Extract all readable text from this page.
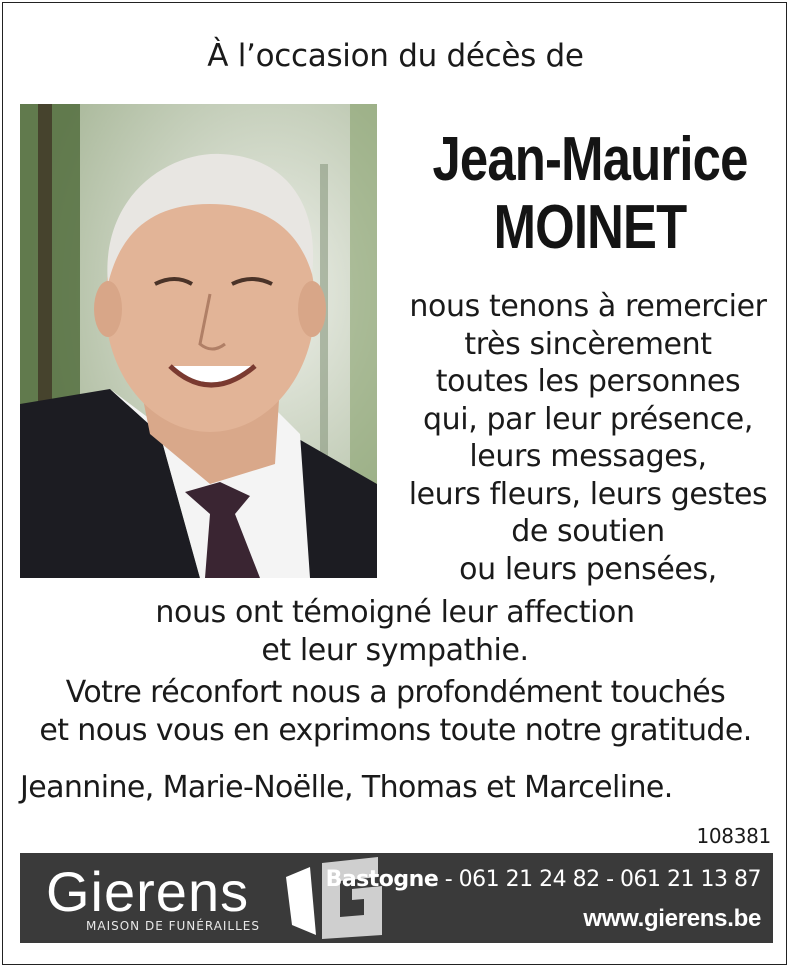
À l’occasion du décès de
Jean-Maurice
MOINET
nous tenons à remercier
très sincèrement
toutes les personnes
qui, par leur présence,
leurs messages,
leurs fleurs, leurs gestes
de soutien
ou leurs pensées,
nous ont témoigné leur affection
et leur sympathie.
Votre réconfort nous a profondément touchés
et nous vous en exprimons toute notre gratitude.
Jeannine, Marie-Noëlle, Thomas et Marceline.
108381
Gierens
MAISON DE FUNÉRAILLES
Bastogne - 061 21 24 82 - 061 21 13 87
www.gierens.be
